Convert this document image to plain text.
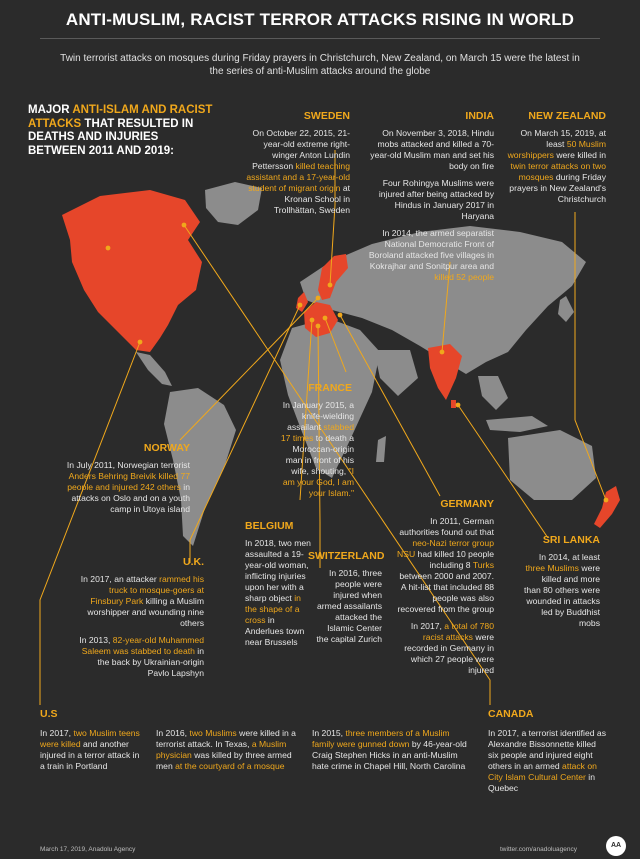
ANTI-MUSLIM, RACIST TERROR ATTACKS RISING IN WORLD
Twin terrorist attacks on mosques during Friday prayers in Christchurch, New Zealand, on March 15 were the latest in the series of anti-Muslim attacks around the globe
MAJOR ANTI-ISLAM AND RACIST ATTACKS THAT RESULTED IN DEATHS AND INJURIES BETWEEN 2011 AND 2019:
SWEDEN
On October 22, 2015, 21-year-old extreme right-winger Anton Lundin Pettersson killed teaching assistant and a 17-year-old student of migrant origin at Kronan School in Trollhättan, Sweden
INDIA
On November 3, 2018, Hindu mobs attacked and killed a 70-year-old Muslim man and set his body on fire
Four Rohingya Muslims were injured after being attacked by Hindus in January 2017 in Haryana
In 2014, the armed separatist National Democratic Front of Boroland attacked five villages in Kokrajhar and Sonitpur area and killed 52 people
NEW ZEALAND
On March 15, 2019, at least 50 Muslim worshippers were killed in twin terror attacks on two mosques during Friday prayers in New Zealand's Christchurch
FRANCE
In January 2015, a knife-wielding assailant stabbed 17 times to death a Moroccan-origin man in front of his wife, shouting, "I am your God, I am your Islam."
NORWAY
In July 2011, Norwegian terrorist Anders Behring Breivik killed 77 people and injured 242 others in attacks on Oslo and on a youth camp in Utoya island
U.K.
In 2017, an attacker rammed his truck to mosque-goers at Finsbury Park killing a Muslim worshipper and wounding nine others
In 2013, 82-year-old Muhammed Saleem was stabbed to death in the back by Ukrainian-origin Pavlo Lapshyn
BELGIUM
In 2018, two men assaulted a 19-year-old woman, inflicting injuries upon her with a sharp object in the shape of a cross in Anderlues town near Brussels
SWITZERLAND
In 2016, three people were injured when armed assailants attacked the Islamic Center the capital Zurich
GERMANY
In 2011, German authorities found out that neo-Nazi terror group NSU had killed 10 people including 8 Turks between 2000 and 2007. A hit-list that included 88 people was also recovered from the group
In 2017, a total of 780 racist attacks were recorded in Germany in which 27 people were injured
SRI LANKA
In 2014, at least three Muslims were killed and more than 80 others were wounded in attacks led by Buddhist mobs
U.S
In 2017, two Muslim teens were killed and another injured in a terror attack in a train in Portland
In 2016, two Muslims were killed in a terrorist attack. In Texas, a Muslim physician was killed by three armed men at the courtyard of a mosque
In 2015, three members of a Muslim family were gunned down by 46-year-old Craig Stephen Hicks in an anti-Muslim hate crime in Chapel Hill, North Carolina
CANADA
In 2017, a terrorist identified as Alexandre Bissonnette killed six people and injured eight others in an armed attack on City Islam Cultural Center in Quebec
March 17, 2019, Anadolu Agency	twitter.com/anadoluagency
AA
